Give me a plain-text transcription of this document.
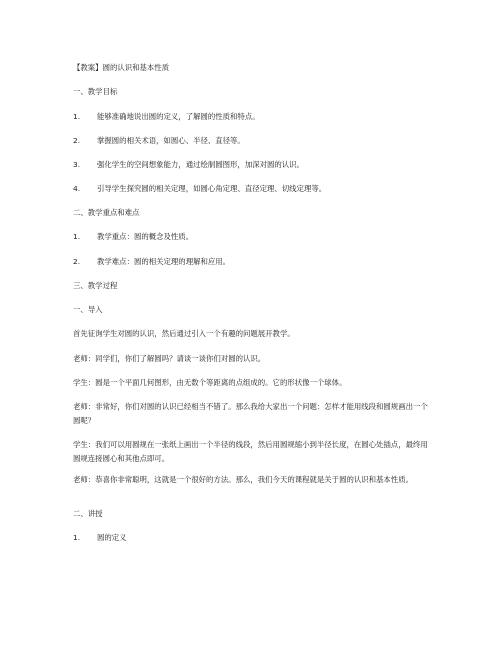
【教案】圆的认识和基本性质
一、教学目标
1. 能够准确地说出圆的定义，了解圆的性质和特点。
2. 掌握圆的相关术语，如圆心、半径、直径等。
3. 强化学生的空间想象能力，通过绘制圆图形，加深对圆的认识。
4. 引导学生探究圆的相关定理，如圆心角定理、直径定理、切线定理等。
二、教学重点和难点
1. 教学重点：圆的概念及性质。
2. 教学难点：圆的相关定理的理解和应用。
三、教学过程
一、导入
首先征询学生对圆的认识，然后通过引入一个有趣的问题展开教学。
老师：同学们，你们了解圆吗？请谈一谈你们对圆的认识。
学生：圆是一个平面几何图形，由无数个等距离的点组成的。它的形状像一个球体。
老师：非常好，你们对圆的认识已经相当不错了。那么我给大家出一个问题：怎样才能用线段和圆规画出一个圆呢？
学生：我们可以用圆规在一张纸上画出一个半径的线段，然后用圆规缩小到半径长度，在圆心处插点，最终用圆规连接圆心和其他点即可。
老师：恭喜你非常聪明，这就是一个很好的方法。那么，我们今天的课程就是关于圆的认识和基本性质。
二、讲授
1. 圆的定义
